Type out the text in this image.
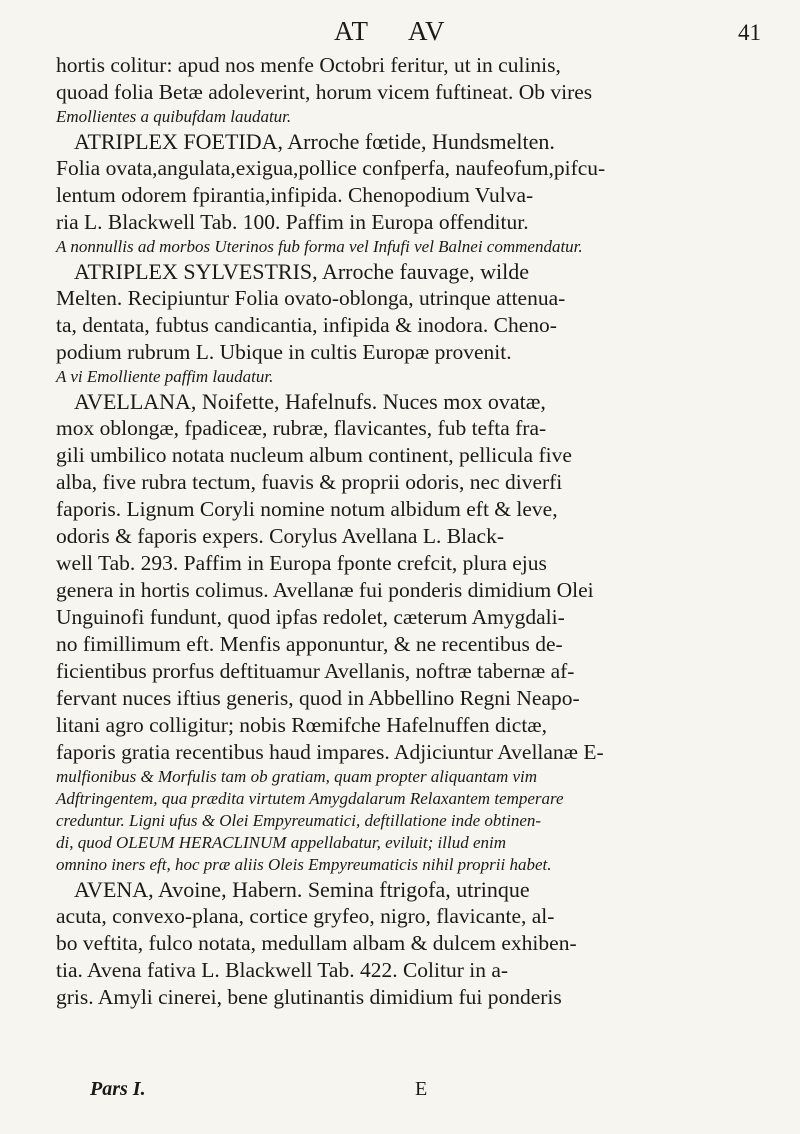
AT AV	41
hortis colitur: apud nos menfe Octobri feritur, ut in culinis,
quoad folia Betæ adoleverint, horum vicem fuftineat. Ob vires
Emollientes a quibufdam laudatur.
ATRIPLEX FOETIDA, Arroche fœtide, Hundsmelten.
Folia ovata,angulata,exigua,pollice confperfa, naufeofum,pifcu-
lentum odorem fpirantia,infipida. Chenopodium Vulva-
ria L. Blackwell Tab. 100. Paffim in Europa offenditur.
A nonnullis ad morbos Uterinos fub forma vel Infufi vel Balnei commendatur.
ATRIPLEX SYLVESTRIS, Arroche fauvage, wilde
Melten. Recipiuntur Folia ovato-oblonga, utrinque attenua-
ta, dentata, fubtus candicantia, infipida & inodora. Cheno-
podium rubrum L. Ubique in cultis Europæ provenit.
A vi Emolliente paffim laudatur.
AVELLANA, Noifette, Hafelnufs. Nuces mox ovatæ,
mox oblongæ, fpadiceæ, rubræ, flavicantes, fub tefta fra-
gili umbilico notata nucleum album continent, pellicula five
alba, five rubra tectum, fuavis & proprii odoris, nec diverfi
faporis. Lignum Coryli nomine notum albidum eft & leve,
odoris & faporis expers. Corylus Avellana L. Black-
well Tab. 293. Paffim in Europa fponte crefcit, plura ejus
genera in hortis colimus. Avellanæ fui ponderis dimidium Olei
Unguinofi fundunt, quod ipfas redolet, cæterum Amygdali-
no fimillimum eft. Menfis apponuntur, & ne recentibus de-
ficientibus prorfus deftituamur Avellanis, noftræ tabernæ af-
fervant nuces iftius generis, quod in Abbellino Regni Neapo-
litani agro colligitur; nobis Rœmifche Hafelnuffen dictæ,
faporis gratia recentibus haud impares. Adjiciuntur Avellanæ E-
mulfionibus & Morfulis tam ob gratiam, quam propter aliquantam vim
Adftringentem, qua prædita virtutem Amygdalarum Relaxantem temperare
creduntur. Ligni ufus & Olei Empyreumatici, deftillatione inde obtinen-
di, quod OLEUM HERACLINUM appellabatur, eviluit; illud enim
omnino iners eft, hoc præ aliis Oleis Empyreumaticis nihil proprii habet.
AVENA, Avoine, Habern. Semina ftrigofa, utrinque
acuta, convexo-plana, cortice gryfeo, nigro, flavicante, al-
bo veftita, fulco notata, medullam albam & dulcem exhiben-
tia. Avena fativa L. Blackwell Tab. 422. Colitur in a-
gris. Amyli cinerei, bene glutinantis dimidium fui ponderis
Pars I.	E
